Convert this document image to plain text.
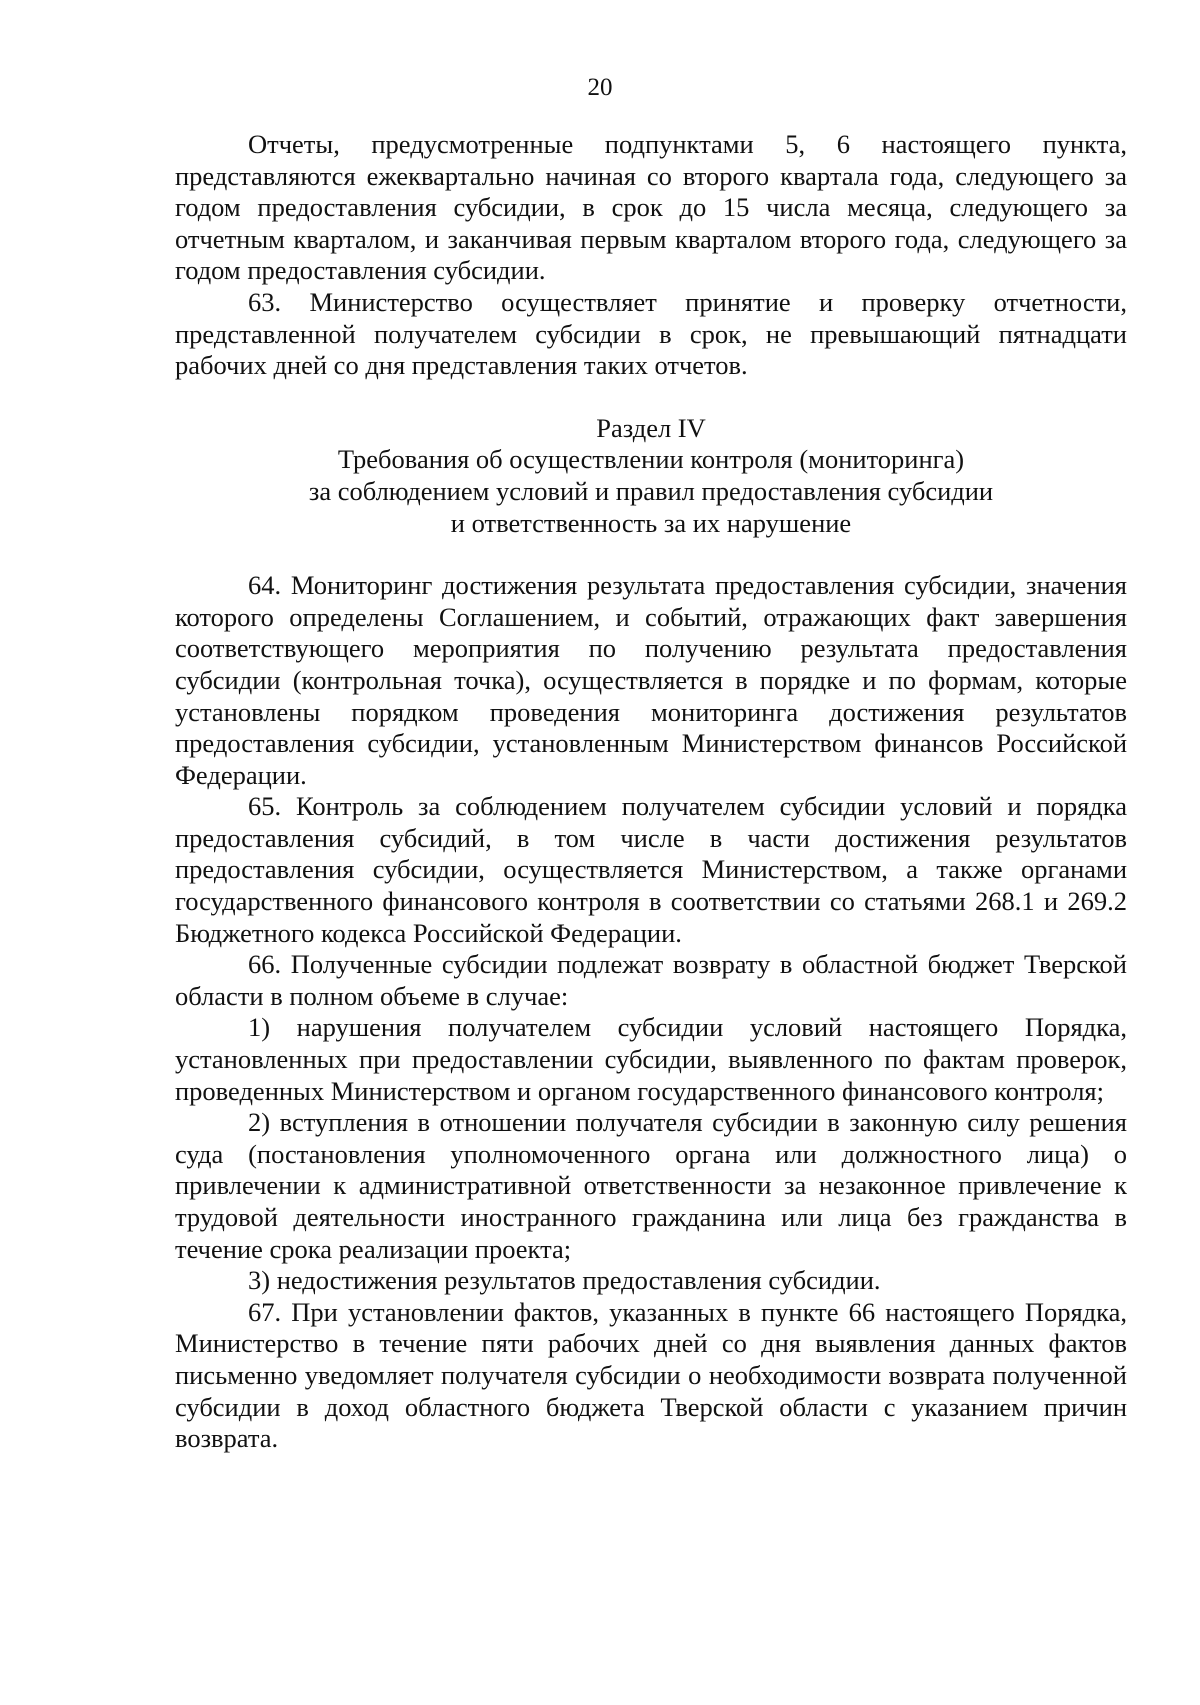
20

Отчеты, предусмотренные подпунктами 5, 6 настоящего пункта, представляются ежеквартально начиная со второго квартала года, следующего за годом предоставления субсидии, в срок до 15 числа месяца, следующего за отчетным кварталом, и заканчивая первым кварталом второго года, следующего за годом предоставления субсидии.

63. Министерство осуществляет принятие и проверку отчетности, представленной получателем субсидии в срок, не превышающий пятнадцати рабочих дней со дня представления таких отчетов.

Раздел IV
Требования об осуществлении контроля (мониторинга)
за соблюдением условий и правил предоставления субсидии
и ответственность за их нарушение

64. Мониторинг достижения результата предоставления субсидии, значения которого определены Соглашением, и событий, отражающих факт завершения соответствующего мероприятия по получению результата предоставления субсидии (контрольная точка), осуществляется в порядке и по формам, которые установлены порядком проведения мониторинга достижения результатов предоставления субсидии, установленным Министерством финансов Российской Федерации.

65. Контроль за соблюдением получателем субсидии условий и порядка предоставления субсидий, в том числе в части достижения результатов предоставления субсидии, осуществляется Министерством, а также органами государственного финансового контроля в соответствии со статьями 268.1 и 269.2 Бюджетного кодекса Российской Федерации.

66. Полученные субсидии подлежат возврату в областной бюджет Тверской области в полном объеме в случае:

1) нарушения получателем субсидии условий настоящего Порядка, установленных при предоставлении субсидии, выявленного по фактам проверок, проведенных Министерством и органом государственного финансового контроля;

2) вступления в отношении получателя субсидии в законную силу решения суда (постановления уполномоченного органа или должностного лица) о привлечении к административной ответственности за незаконное привлечение к трудовой деятельности иностранного гражданина или лица без гражданства в течение срока реализации проекта;

3) недостижения результатов предоставления субсидии.

67. При установлении фактов, указанных в пункте 66 настоящего Порядка, Министерство в течение пяти рабочих дней со дня выявления данных фактов письменно уведомляет получателя субсидии о необходимости возврата полученной субсидии в доход областного бюджета Тверской области с указанием причин возврата.
